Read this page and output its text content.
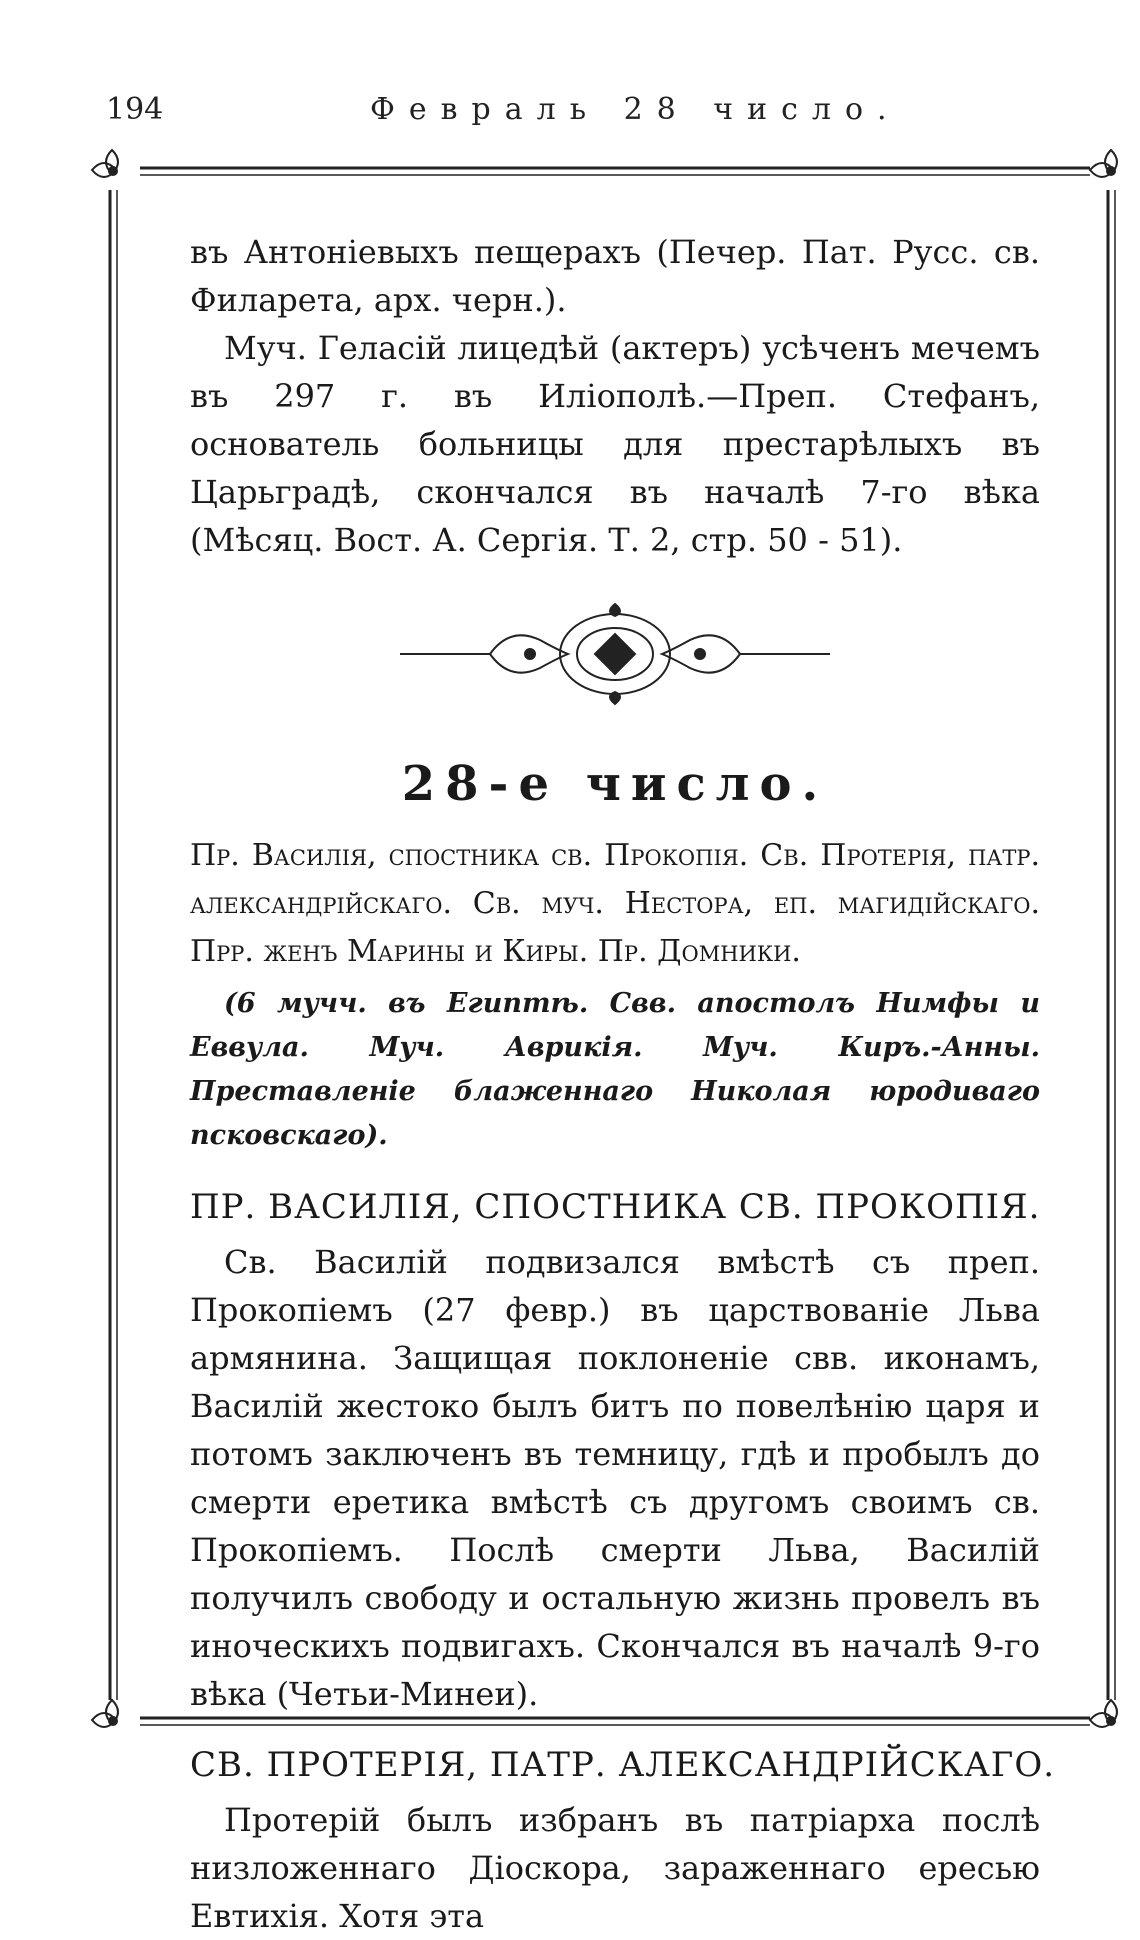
194	Февраль 28 число.

въ Антоніевыхъ пещерахъ (Печер. Пат. Русс. св. Филарета, арх. черн.).

Муч. Геласій лицедѣй (актеръ) усѣченъ мечемъ въ 297 г. въ Иліополѣ.—Преп. Стефанъ, основатель больницы для престарѣлыхъ въ Царьградѣ, скончался въ началѣ 7-го вѣка (Мѣсяц. Вост. А. Сергія. Т. 2, стр. 50 - 51).

28-е число.

Пр. Василія, спостника св. Прокопія. Св. Протерія, патр. александрійскаго. Св. муч. Нестора, еп. магидійскаго. Прр. женъ Марины и Киры. Пр. Домники.

(6 мучч. въ Египтѣ. Свв. апостолъ Нимфы и Еввула. Муч. Аврикія. Муч. Киръ.-Анны. Преставленіе блаженнаго Николая юродиваго псковскаго).

ПР. ВАСИЛІЯ, СПОСТНИКА СВ. ПРОКОПІЯ.

Св. Василій подвизался вмѣстѣ съ преп. Прокопіемъ (27 февр.) въ царствованіе Льва армянина. Защищая поклоненіе свв. иконамъ, Василій жестоко былъ битъ по повелѣнію царя и потомъ заключенъ въ темницу, гдѣ и пробылъ до смерти еретика вмѣстѣ съ другомъ своимъ св. Прокопіемъ. Послѣ смерти Льва, Василій получилъ свободу и остальную жизнь провелъ въ иноческихъ подвигахъ. Скончался въ началѣ 9-го вѣка (Четьи-Минеи).

СВ. ПРОТЕРІЯ, ПАТР. АЛЕКСАНДРІЙСКАГО.

Протерій былъ избранъ въ патріарха послѣ низложеннаго Діоскора, зараженнаго ересью Евтихія. Хотя эта
